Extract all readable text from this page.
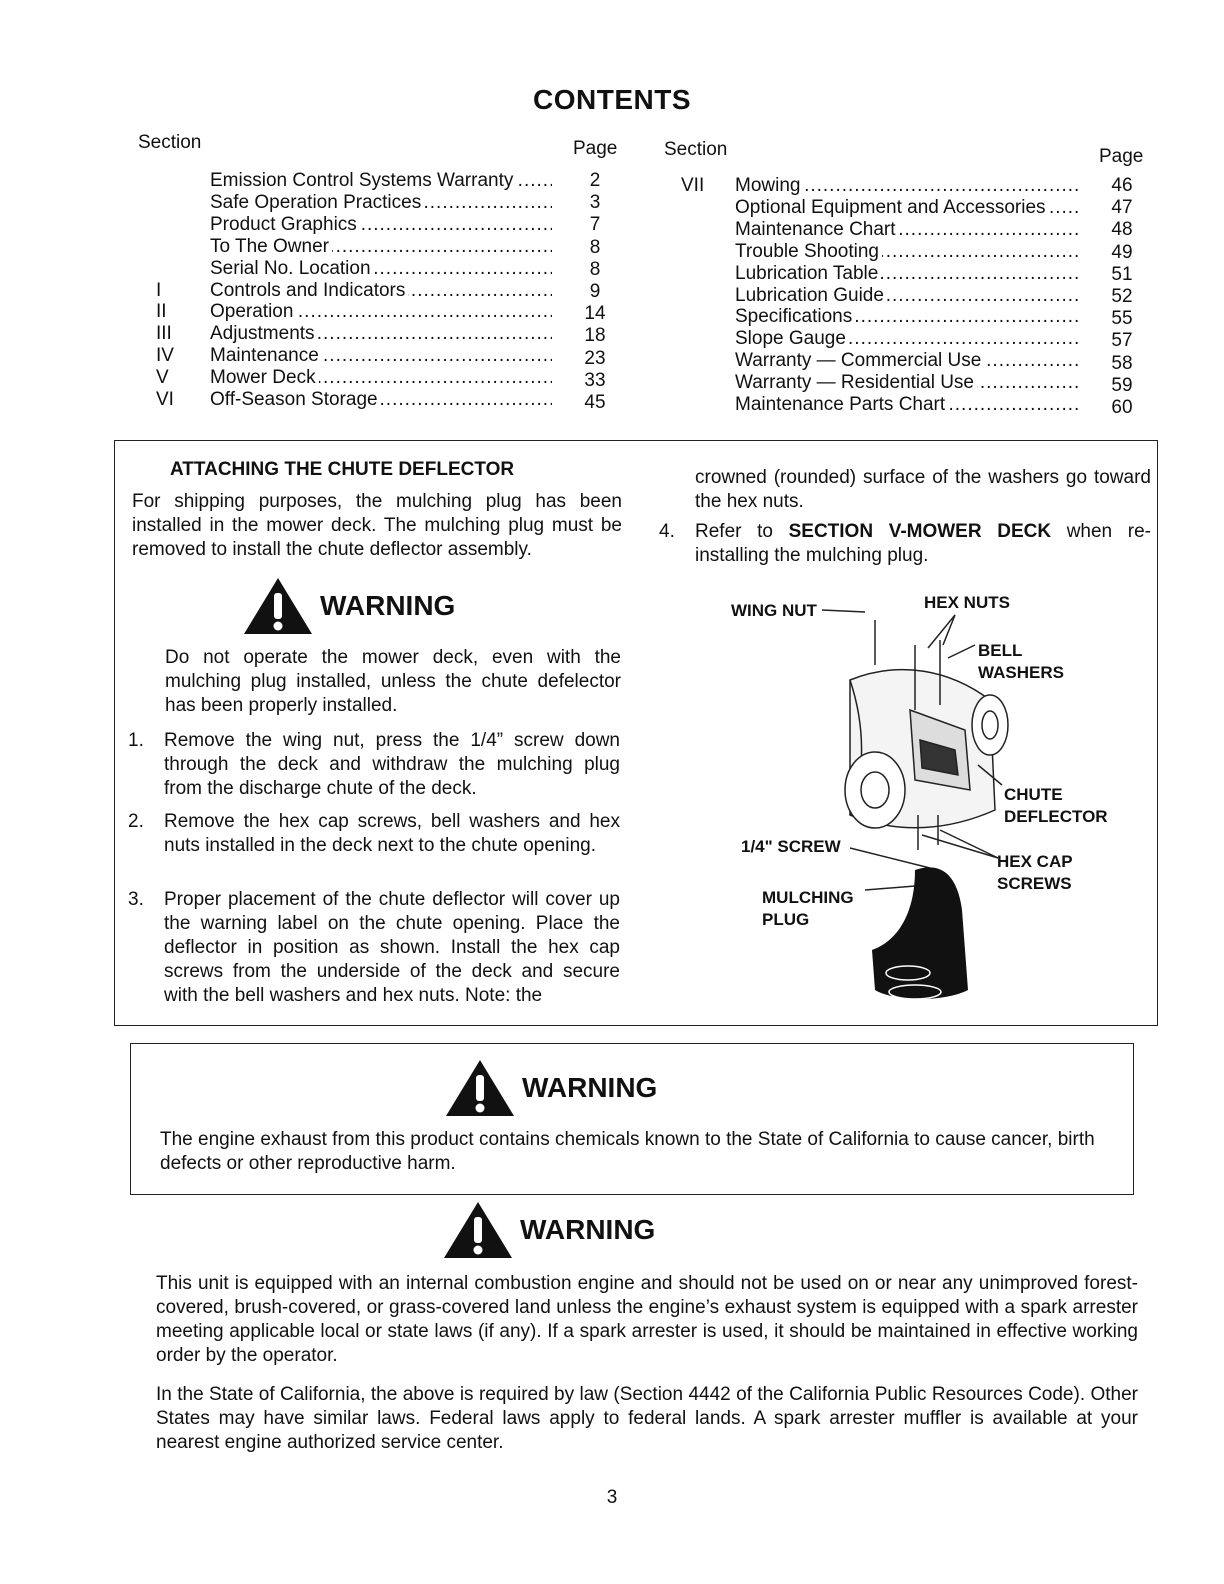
CONTENTS
Section	Page Section	Page
Emission Control Systems Warranty .....	2
Safe Operation Practices .....	3
Product Graphics .....	7
To The Owner .....	8
Serial No. Location .....	8
I	Controls and Indicators .....	9
II	Operation .....	14
III	Adjustments .....	18
IV	Maintenance .....	23
V	Mower Deck .....	33
VI	Off-Season Storage .....	45
VII	Mowing .....	46
Optional Equipment and Accessories .....	47
Maintenance Chart .....	48
Trouble Shooting .....	49
Lubrication Table .....	51
Lubrication Guide .....	52
Specifications .....	55
Slope Gauge .....	57
Warranty — Commercial Use .....	58
Warranty — Residential Use .....	59
Maintenance Parts Chart .....	60
ATTACHING THE CHUTE DEFLECTOR
For shipping purposes, the mulching plug has been installed in the mower deck. The mulching plug must be removed to install the chute deflector assembly.
WARNING
Do not operate the mower deck, even with the mulching plug installed, unless the chute defelector has been properly installed.
1. Remove the wing nut, press the 1/4” screw down through the deck and withdraw the mulching plug from the discharge chute of the deck.
2. Remove the hex cap screws, bell washers and hex nuts installed in the deck next to the chute opening.
3. Proper placement of the chute deflector will cover up the warning label on the chute opening. Place the deflector in position as shown. Install the hex cap screws from the underside of the deck and secure with the bell washers and hex nuts. Note: the
crowned (rounded) surface of the washers go toward the hex nuts.
4. Refer to SECTION V-MOWER DECK when re-installing the mulching plug.
WING NUT	HEX NUTS
BELL WASHERS
CHUTE DEFLECTOR
1/4" SCREW
HEX CAP SCREWS
MULCHING PLUG
WARNING
The engine exhaust from this product contains chemicals known to the State of California to cause cancer, birth defects or other reproductive harm.
WARNING
This unit is equipped with an internal combustion engine and should not be used on or near any unimproved forest-covered, brush-covered, or grass-covered land unless the engine’s exhaust system is equipped with a spark arrester meeting applicable local or state laws (if any). If a spark arrester is used, it should be maintained in effective working order by the operator.
In the State of California, the above is required by law (Section 4442 of the California Public Resources Code). Other States may have similar laws. Federal laws apply to federal lands. A spark arrester muffler is available at your nearest engine authorized service center.
3
